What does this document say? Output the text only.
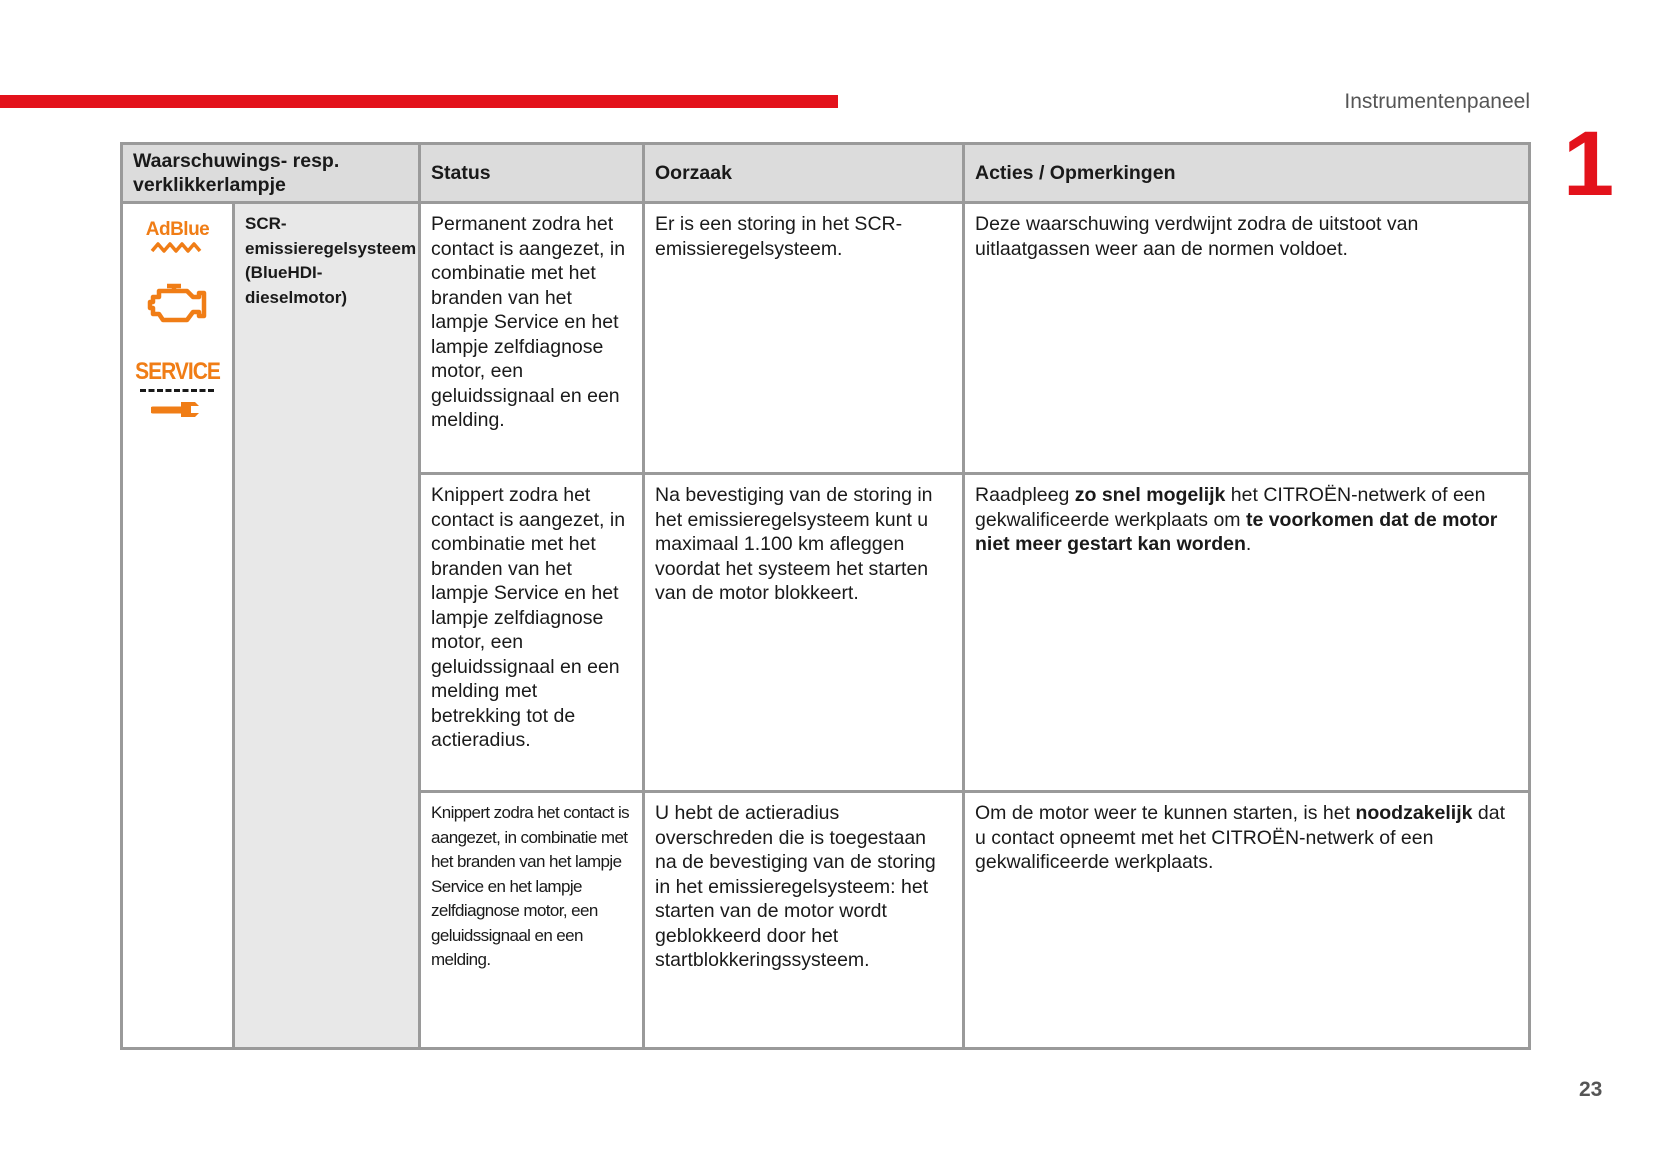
Instrumentenpaneel
1
Waarschuwings- resp. verklikkerlampje		Status	Oorzaak	Acties / Opmerkingen

AdBlue
SERVICE	SCR-emissieregelsysteem (BlueHDI-dieselmotor)	Permanent zodra het contact is aangezet, in combinatie met het branden van het lampje Service en het lampje zelfdiagnose motor, een geluidssignaal en een melding.	Er is een storing in het SCR-emissieregelsysteem.	Deze waarschuwing verdwijnt zodra de uitstoot van uitlaatgassen weer aan de normen voldoet.
		Knippert zodra het contact is aangezet, in combinatie met het branden van het lampje Service en het lampje zelfdiagnose motor, een geluidssignaal en een melding met betrekking tot de actieradius.	Na bevestiging van de storing in het emissieregelsysteem kunt u maximaal 1.100 km afleggen voordat het systeem het starten van de motor blokkeert.	Raadpleeg zo snel mogelijk het CITROËN-netwerk of een gekwalificeerde werkplaats om te voorkomen dat de motor niet meer gestart kan worden.
		Knippert zodra het contact is aangezet, in combinatie met het branden van het lampje Service en het lampje zelfdiagnose motor, een geluidssignaal en een melding.	U hebt de actieradius overschreden die is toegestaan na de bevestiging van de storing in het emissieregelsysteem: het starten van de motor wordt geblokkeerd door het startblokkeringssysteem.	Om de motor weer te kunnen starten, is het noodzakelijk dat u contact opneemt met het CITROËN-netwerk of een gekwalificeerde werkplaats.
23
